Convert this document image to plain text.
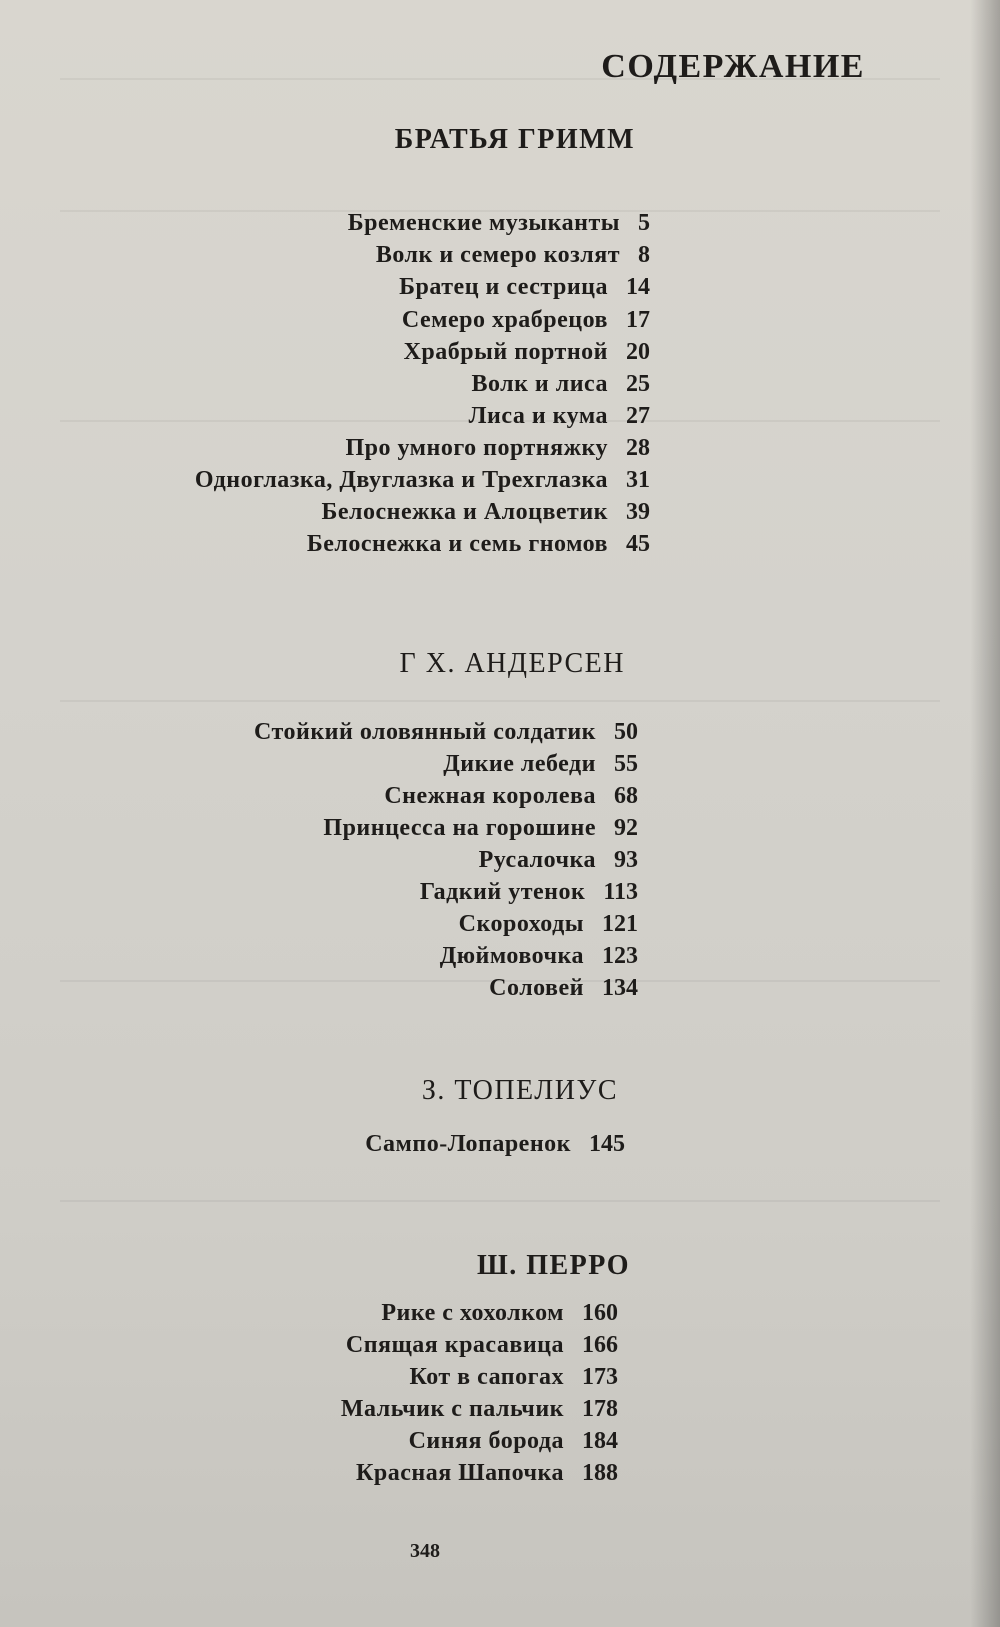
СОДЕРЖАНИЕ
БРАТЬЯ ГРИММ
Г Х. АНДЕРСЕН
З. ТОПЕЛИУС
Ш. ПЕРРО
Бременские музыканты 5
Волк и семеро козлят 8
Братец и сестрица 14
Семеро храбрецов 17
Храбрый портной 20
Волк и лиса 25
Лиса и кума 27
Про умного портняжку 28
Одноглазка, Двуглазка и Трехглазка 31
Белоснежка и Алоцветик 39
Белоснежка и семь гномов 45
Стойкий оловянный солдатик 50
Дикие лебеди 55
Снежная королева 68
Принцесса на горошине 92
Русалочка 93
Гадкий утенок 113
Скороходы 121
Дюймовочка 123
Соловей 134
Сампо-Лопаренок 145
Рике с хохолком 160
Спящая красавица 166
Кот в сапогах 173
Мальчик с пальчик 178
Синяя борода 184
Красная Шапочка 188
348
